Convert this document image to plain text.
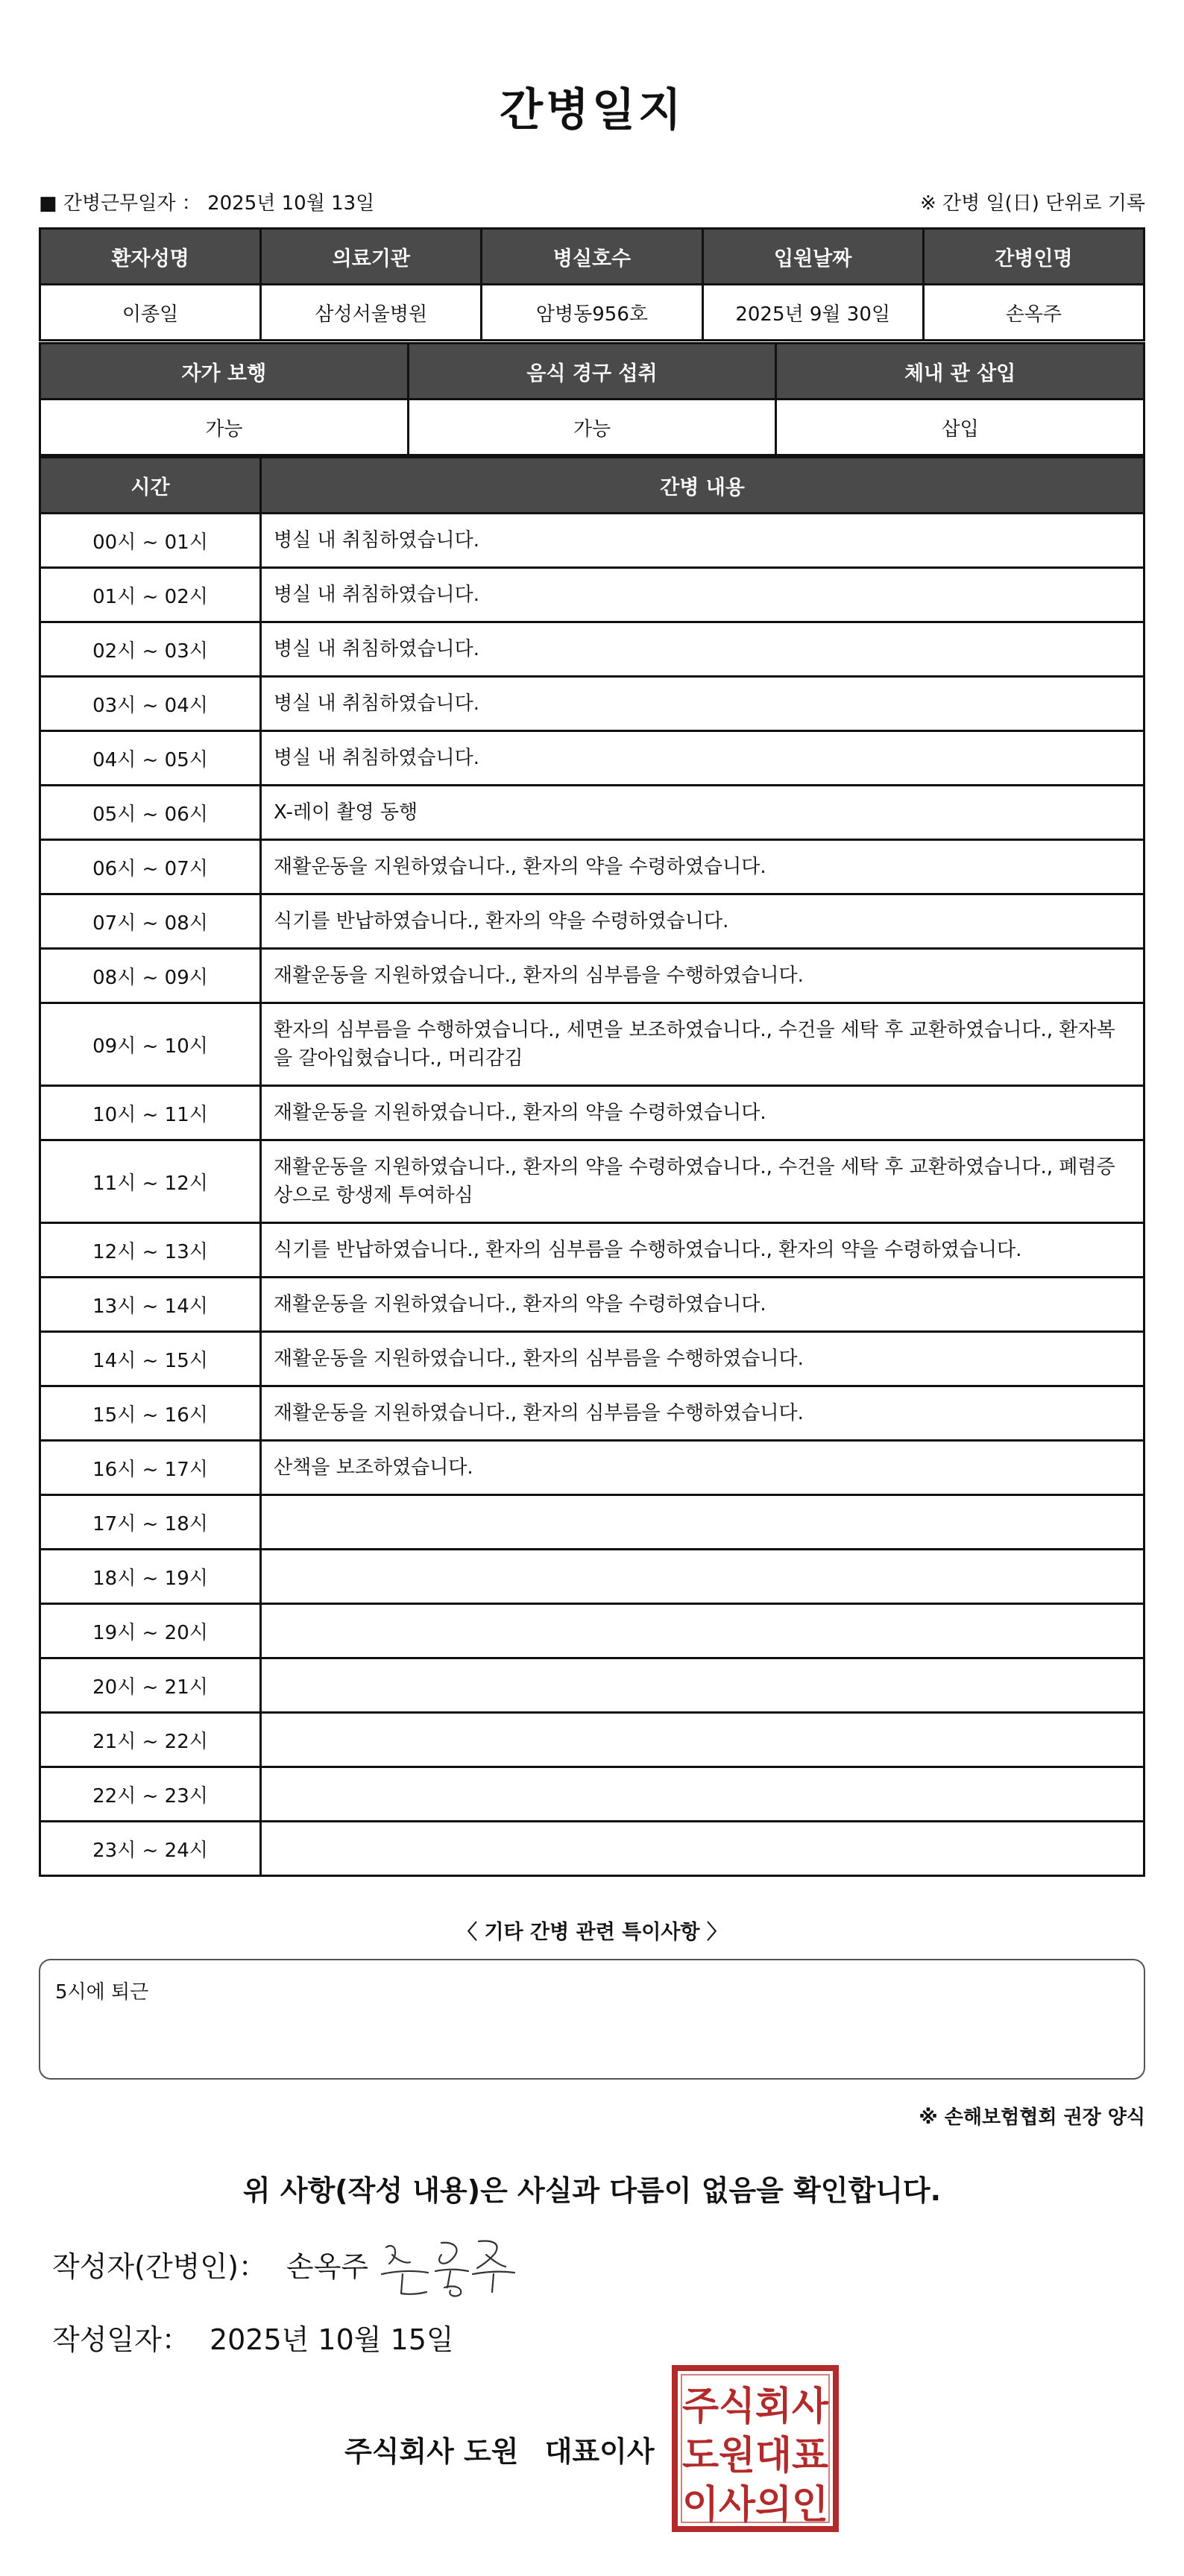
간병일지
■ 간병근무일자 ： 2025년 10월 13일	※ 간병 일(日) 단위로 기록
환자성명	의료기관	병실호수	입원날짜	간병인명
이종일	삼성서울병원	암병동956호	2025년 9월 30일	손옥주
자가 보행	음식 경구 섭취	체내 관 삽입
가능	가능	삽입
시간	간병 내용
00시 ~ 01시	병실 내 취침하였습니다.
01시 ~ 02시	병실 내 취침하였습니다.
02시 ~ 03시	병실 내 취침하였습니다.
03시 ~ 04시	병실 내 취침하였습니다.
04시 ~ 05시	병실 내 취침하였습니다.
05시 ~ 06시	X-레이 촬영 동행
06시 ~ 07시	재활운동을 지원하였습니다., 환자의 약을 수령하였습니다.
07시 ~ 08시	식기를 반납하였습니다., 환자의 약을 수령하였습니다.
08시 ~ 09시	재활운동을 지원하였습니다., 환자의 심부름을 수행하였습니다.
09시 ~ 10시	환자의 심부름을 수행하였습니다., 세면을 보조하였습니다., 수건을 세탁 후 교환하였습니다., 환자복을 갈아입혔습니다., 머리감김
10시 ~ 11시	재활운동을 지원하였습니다., 환자의 약을 수령하였습니다.
11시 ~ 12시	재활운동을 지원하였습니다., 환자의 약을 수령하였습니다., 수건을 세탁 후 교환하였습니다., 폐렴증상으로 항생제 투여하심
12시 ~ 13시	식기를 반납하였습니다., 환자의 심부름을 수행하였습니다., 환자의 약을 수령하였습니다.
13시 ~ 14시	재활운동을 지원하였습니다., 환자의 약을 수령하였습니다.
14시 ~ 15시	재활운동을 지원하였습니다., 환자의 심부름을 수행하였습니다.
15시 ~ 16시	재활운동을 지원하였습니다., 환자의 심부름을 수행하였습니다.
16시 ~ 17시	산책을 보조하였습니다.
17시 ~ 18시	
18시 ~ 19시	
19시 ~ 20시	
20시 ~ 21시	
21시 ~ 22시	
22시 ~ 23시	
23시 ~ 24시	
〈 기타 간병 관련 특이사항 〉
5시에 퇴근
※ 손해보험협회 권장 양식
위 사항(작성 내용)은 사실과 다름이 없음을 확인합니다.
작성자(간병인)： 손옥주
작성일자： 2025년 10월 15일
주식회사 도원 대표이사
주식회사
도원대표
이사의인
